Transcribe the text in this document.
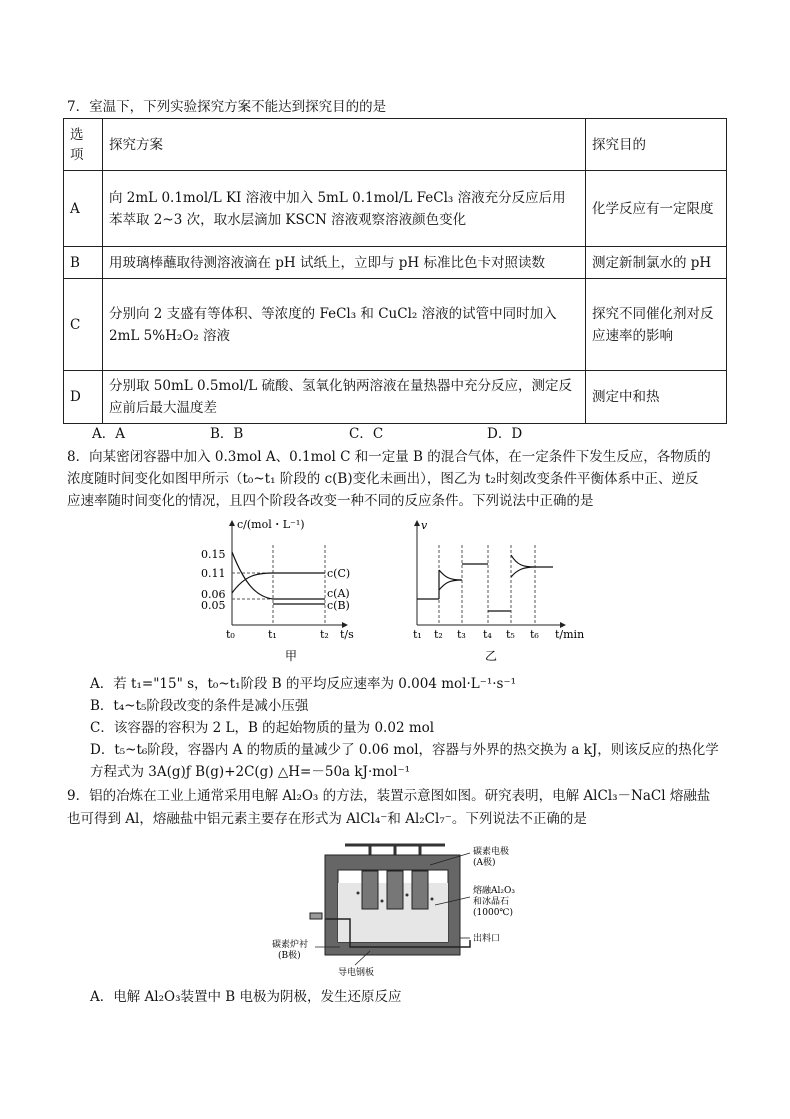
7．室温下，下列实验探究方案不能达到探究目的的是
选
项	探究方案	探究目的
A	向 2mL 0.1mol/L KI 溶液中加入 5mL 0.1mol/L FeCl₃ 溶液充分反应后用苯萃取 2~3 次，取水层滴加 KSCN 溶液观察溶液颜色变化	化学反应有一定限度
B	用玻璃棒蘸取待测溶液滴在 pH 试纸上，立即与 pH 标准比色卡对照读数	测定新制氯水的 pH
C	分别向 2 支盛有等体积、等浓度的 FeCl₃ 和 CuCl₂ 溶液的试管中同时加入 2mL 5%H₂O₂ 溶液	探究不同催化剂对反应速率的影响
D	分别取 50mL 0.5mol/L 硫酸、氢氧化钠两溶液在量热器中充分反应，测定反应前后最大温度差	测定中和热
A．A	B．B	C．C	D．D
8．向某密闭容器中加入 0.3mol A、0.1mol C 和一定量 B 的混合气体，在一定条件下发生反应，各物质的
浓度随时间变化如图甲所示（t₀~t₁ 阶段的 c(B)变化未画出），图乙为 t₂时刻改变条件平衡体系中正、逆反
应速率随时间变化的情况，且四个阶段各改变一种不同的反应条件。下列说法中正确的是
c/(mol・L⁻¹)
0.15
0.11
0.06
0.05
c(C)
c(A)
c(B)
t₀	t₁	t₂ t/s
甲
v
t₁ t₂ t₃ t₄ t₅ t₆ t/min
乙
A．若 t₁="15" s，t₀~t₁阶段 B 的平均反应速率为 0.004 mol·L⁻¹·s⁻¹
B．t₄~t₅阶段改变的条件是减小压强
C．该容器的容积为 2 L，B 的起始物质的量为 0.02 mol
D．t₅~t₆阶段，容器内 A 的物质的量减少了 0.06 mol，容器与外界的热交换为 a kJ，则该反应的热化学
方程式为 3A(g)ƒ B(g)+2C(g) △H=－50a kJ·mol⁻¹
9．铝的冶炼在工业上通常采用电解 Al₂O₃ 的方法，装置示意图如图。研究表明，电解 AlCl₃－NaCl 熔融盐
也可得到 Al，熔融盐中铝元素主要存在形式为 AlCl₄⁻和 Al₂Cl₇⁻。下列说法不正确的是
碳素电极(A极)
熔融Al₂O₃ 和冰晶石(1000℃)
出料口
碳素炉衬(B极)
导电钢板
A．电解 Al₂O₃装置中 B 电极为阴极，发生还原反应
